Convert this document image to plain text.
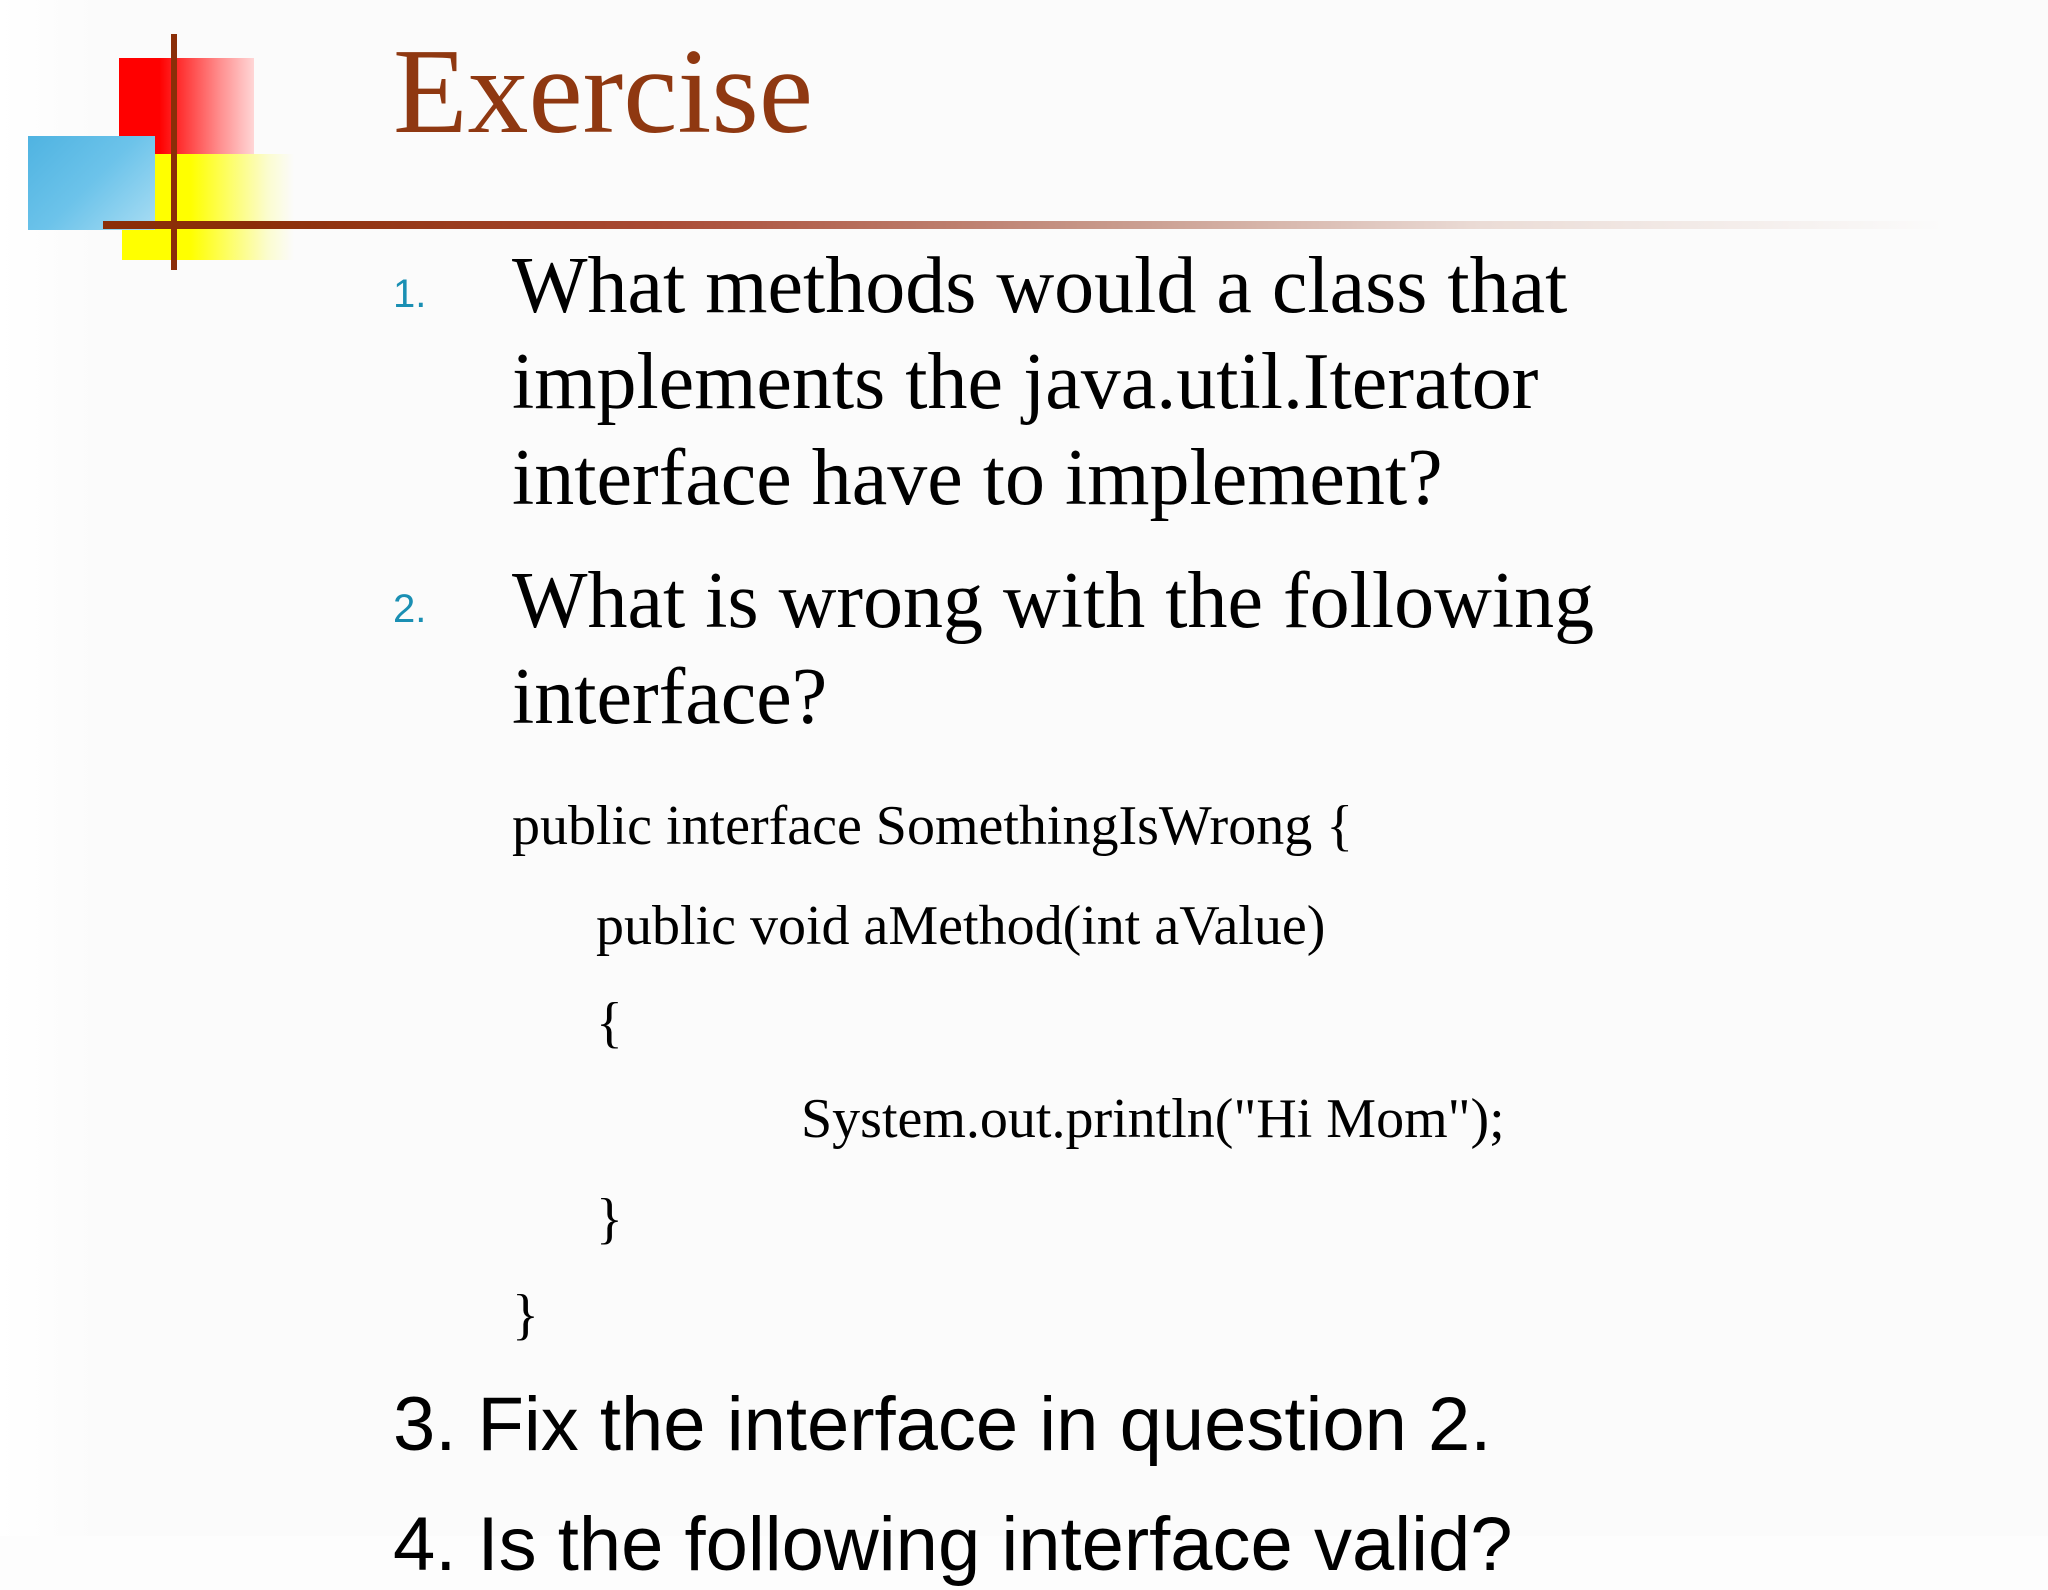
Exercise
1. What methods would a class that
implements the java.util.Iterator
interface have to implement?
2. What is wrong with the following
interface?
public interface SomethingIsWrong {
public void aMethod(int aValue)
{
System.out.println("Hi Mom");
}
}
3. Fix the interface in question 2.
4. Is the following interface valid?
